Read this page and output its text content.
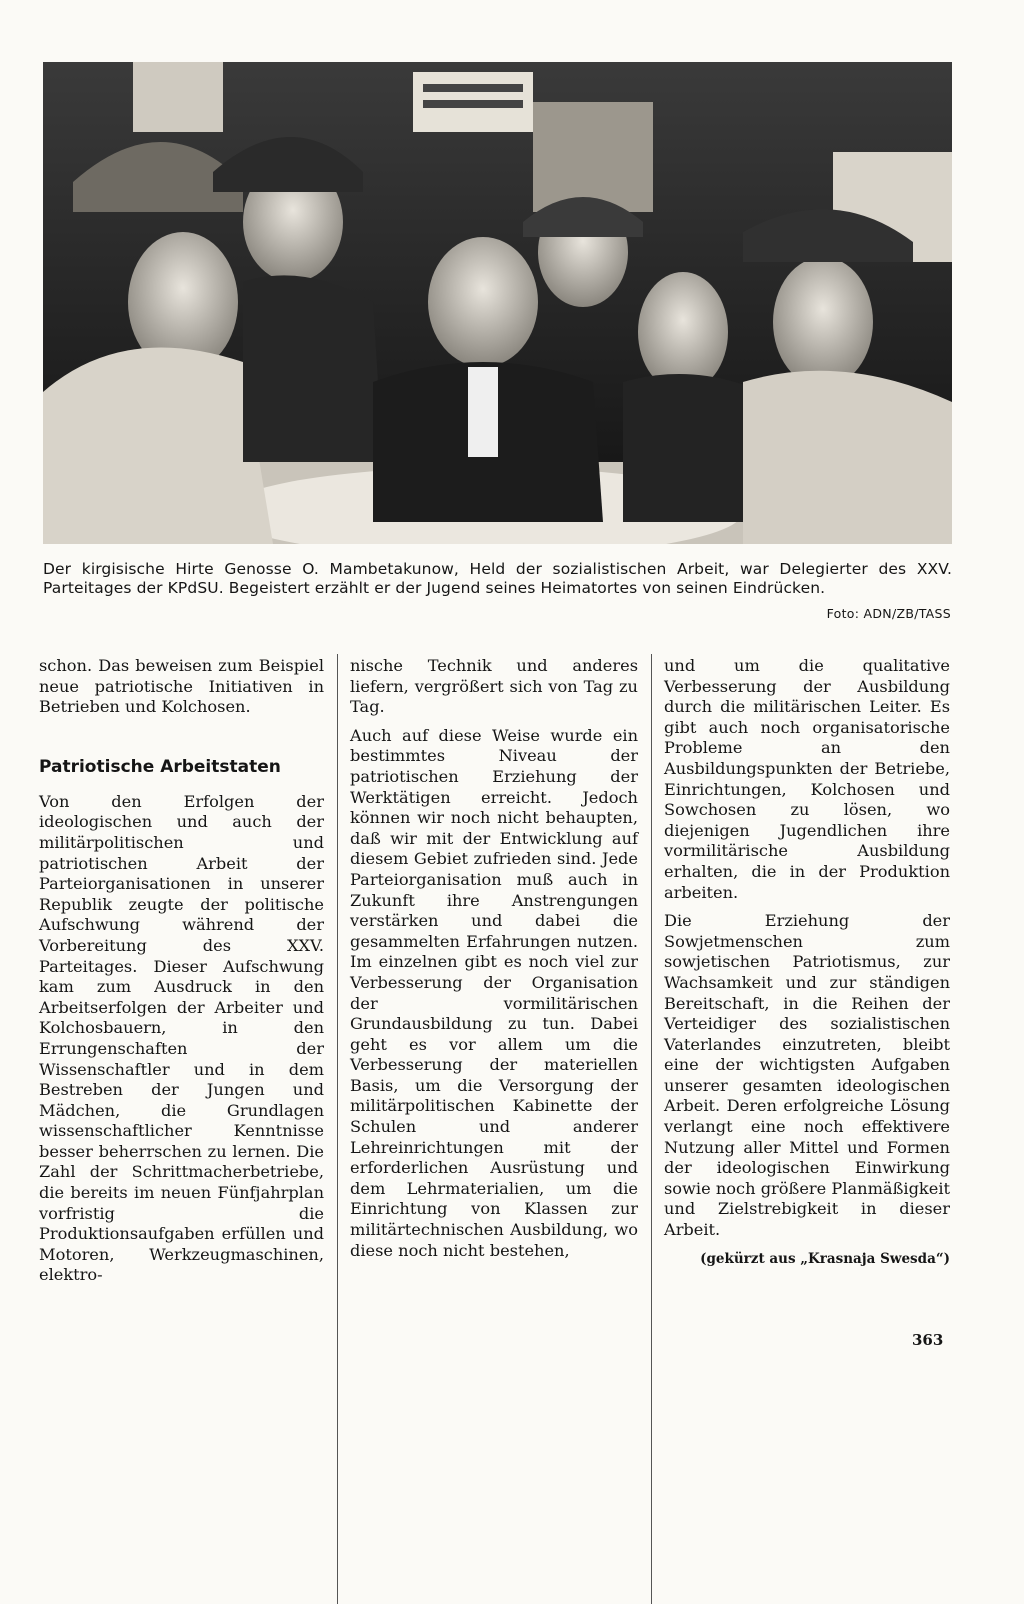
Der kirgisische Hirte Genosse O. Mambetakunow, Held der sozialistischen Arbeit, war Delegierter des XXV. Parteitages der KPdSU. Begeistert erzählt er der Jugend seines Heimatortes von seinen Eindrücken.
Foto: ADN/ZB/TASS

schon. Das beweisen zum Beispiel neue patriotische Initiativen in Betrieben und Kolchosen.

Patriotische Arbeitstaten

Von den Erfolgen der ideologischen und auch der militärpolitischen und patriotischen Arbeit der Parteiorganisationen in unserer Republik zeugte der politische Aufschwung während der Vorbereitung des XXV. Parteitages. Dieser Aufschwung kam zum Ausdruck in den Arbeitserfolgen der Arbeiter und Kolchosbauern, in den Errungenschaften der Wissenschaftler und in dem Bestreben der Jungen und Mädchen, die Grundlagen wissenschaftlicher Kenntnisse besser beherrschen zu lernen. Die Zahl der Schrittmacherbetriebe, die bereits im neuen Fünfjahrplan vorfristig die Produktionsaufgaben erfüllen und Motoren, Werkzeugmaschinen, elektro-

nische Technik und anderes liefern, vergrößert sich von Tag zu Tag.

Auch auf diese Weise wurde ein bestimmtes Niveau der patriotischen Erziehung der Werktätigen erreicht. Jedoch können wir noch nicht behaupten, daß wir mit der Entwicklung auf diesem Gebiet zufrieden sind. Jede Parteiorganisation muß auch in Zukunft ihre Anstrengungen verstärken und dabei die gesammelten Erfahrungen nutzen. Im einzelnen gibt es noch viel zur Verbesserung der Organisation der vormilitärischen Grundausbildung zu tun. Dabei geht es vor allem um die Verbesserung der materiellen Basis, um die Versorgung der militärpolitischen Kabinette der Schulen und anderer Lehreinrichtungen mit der erforderlichen Ausrüstung und dem Lehrmaterialien, um die Einrichtung von Klassen zur militärtechnischen Ausbildung, wo diese noch nicht bestehen,

und um die qualitative Verbesserung der Ausbildung durch die militärischen Leiter. Es gibt auch noch organisatorische Probleme an den Ausbildungspunkten der Betriebe, Einrichtungen, Kolchosen und Sowchosen zu lösen, wo diejenigen Jugendlichen ihre vormilitärische Ausbildung erhalten, die in der Produktion arbeiten.

Die Erziehung der Sowjetmenschen zum sowjetischen Patriotismus, zur Wachsamkeit und zur ständigen Bereitschaft, in die Reihen der Verteidiger des sozialistischen Vaterlandes einzutreten, bleibt eine der wichtigsten Aufgaben unserer gesamten ideologischen Arbeit. Deren erfolgreiche Lösung verlangt eine noch effektivere Nutzung aller Mittel und Formen der ideologischen Einwirkung sowie noch größere Planmäßigkeit und Zielstrebigkeit in dieser Arbeit.

(gekürzt aus „Krasnaja Swesda“)

363
